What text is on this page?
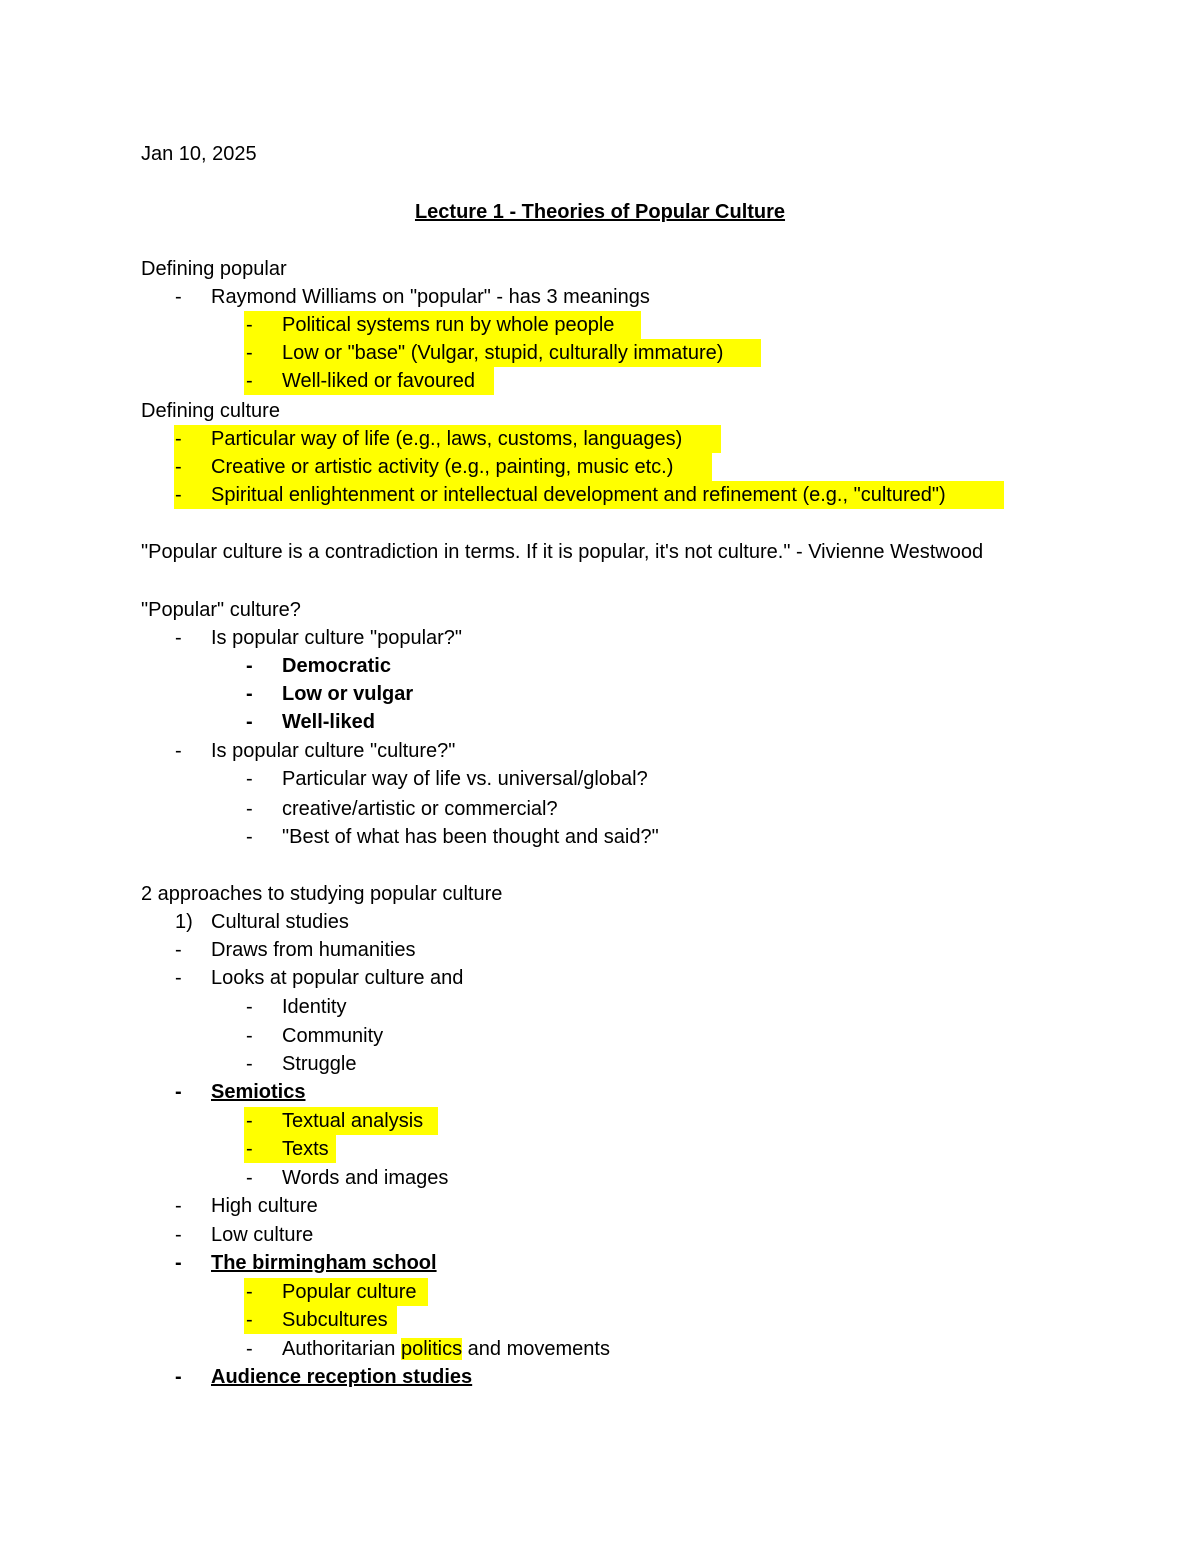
Jan 10, 2025
Lecture 1 - Theories of Popular Culture
Defining popular
-	Raymond Williams on "popular" - has 3 meanings
-	Political systems run by whole people
-	Low or "base" (Vulgar, stupid, culturally immature)
-	Well-liked or favoured
Defining culture
-	Particular way of life (e.g., laws, customs, languages)
-	Creative or artistic activity (e.g., painting, music etc.)
-	Spiritual enlightenment or intellectual development and refinement (e.g., "cultured")
"Popular culture is a contradiction in terms. If it is popular, it's not culture." - Vivienne Westwood
"Popular" culture?
-	Is popular culture "popular?"
-	Democratic
-	Low or vulgar
-	Well-liked
-	Is popular culture "culture?"
-	Particular way of life vs. universal/global?
-	creative/artistic or commercial?
-	"Best of what has been thought and said?"
2 approaches to studying popular culture
1) Cultural studies
-	Draws from humanities
-	Looks at popular culture and
-	Identity
-	Community
-	Struggle
-	Semiotics
-	Textual analysis
-	Texts
-	Words and images
-	High culture
-	Low culture
-	The birmingham school
-	Popular culture
-	Subcultures
-	Authoritarian politics and movements
-	Audience reception studies
